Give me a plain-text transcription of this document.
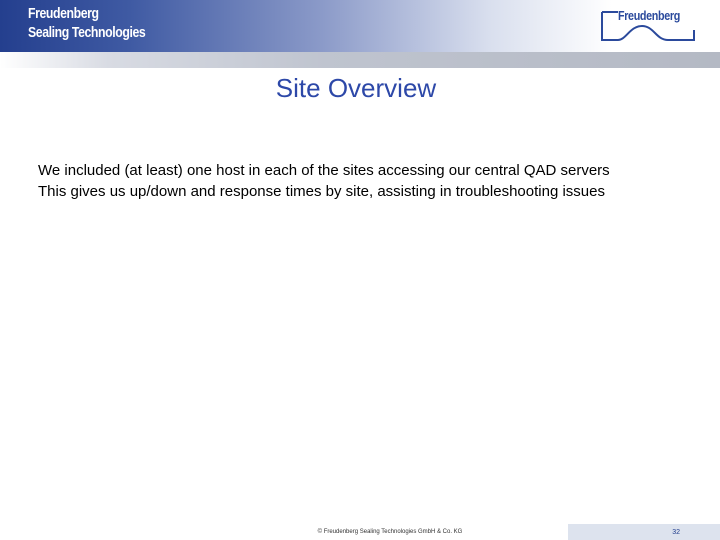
Freudenberg
Sealing Technologies
Freudenberg
Site Overview
We included (at least) one host in each of the sites accessing our central QAD servers
This gives us up/down and response times by site, assisting in troubleshooting issues
© Freudenberg Sealing Technologies GmbH & Co. KG	32
